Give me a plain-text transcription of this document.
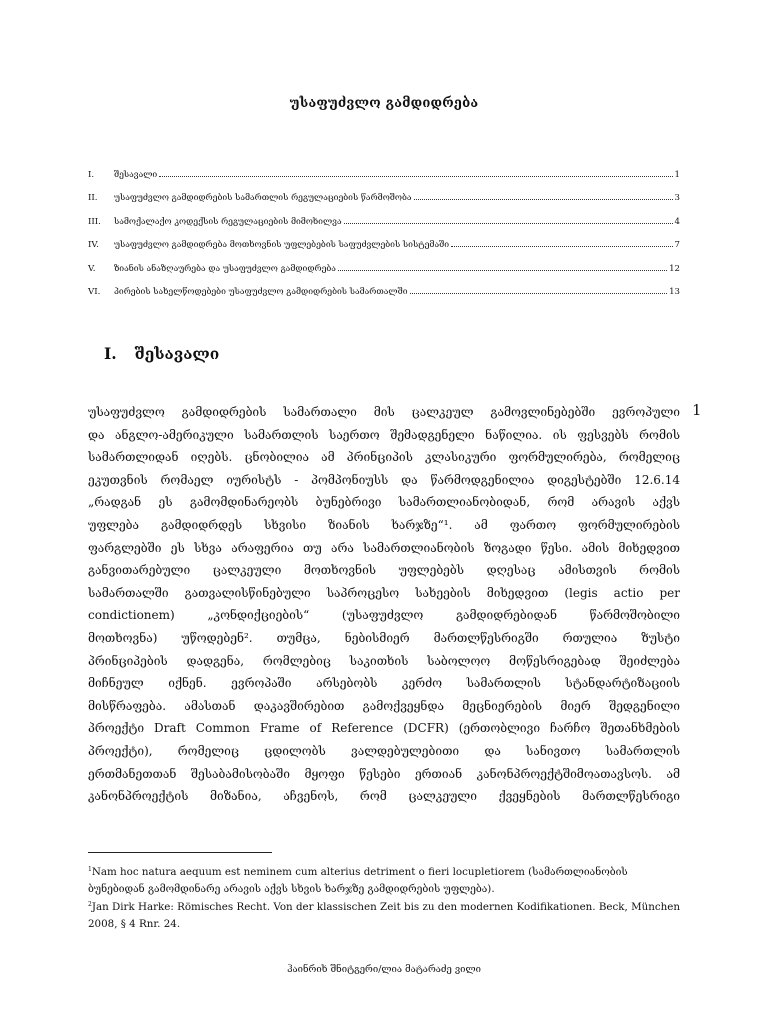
უსაფუძვლო გამდიდრება
I.	შესავალი	1
II.	უსაფუძვლო გამდიდრების სამართლის რეგულაციების წარმოშობა	3
III.	სამოქალაქო კოდექსის რეგულაციების მიმოხილვა	4
IV.	უსაფუძვლო გამდიდრება მოთხოვნის უფლებების საფუძვლების სისტემაში	7
V.	ზიანის ანაზღაურება და უსაფუძვლო გამდიდრება	12
VI.	პირების სახელწოდებები უსაფუძვლო გამდიდრების სამართალში	13
I. შესავალი
უსაფუძვლო გამდიდრების სამართალი მის ცალკეულ გამოვლინებებში ევროპული
და ანგლო-ამერიკული სამართლის საერთო შემადგენელი ნაწილია. ის ფესვებს რომის
სამართლიდან იღებს. ცნობილია ამ პრინციპის კლასიკური ფორმულირება, რომელიც
ეკუთვნის რომაელ იურისტს - პომპონიუსს და წარმოდგენილია დიგესტებში 12.6.14
„რადგან ეს გამომდინარეობს ბუნებრივი სამართლიანობიდან, რომ არავის აქვს
უფლება გამდიდრდეს სხვისი ზიანის ხარჯზე“¹. ამ ფართო ფორმულირების
ფარგლებში ეს სხვა არაფერია თუ არა სამართლიანობის ზოგადი წესი. ამის მიხედვით
განვითარებული ცალკეული მოთხოვნის უფლებებს დღესაც ამისთვის რომის
სამართალში გათვალისწინებული საპროცესო სახეების მიხედვით (legis actio per
condictionem) „კონდიქციების“ (უსაფუძვლო გამდიდრებიდან წარმოშობილი
მოთხოვნა) უწოდებენ². თუმცა, ნებისმიერ მართლწესრიგში რთულია ზუსტი
პრინციპების დადგენა, რომლებიც საკითხის საბოლოო მოწესრიგებად შეიძლება
მიჩნეულ იქნენ. ევროპაში არსებობს კერძო სამართლის სტანდარტიზაციის
მისწრაფება. ამასთან დაკავშირებით გამოქვეყნდა მეცნიერების მიერ შედგენილი
პროექტი Draft Common Frame of Reference (DCFR) (ერთობლივი ჩარჩო შეთანხმების
პროექტი), რომელიც ცდილობს ვალდებულებითი და სანივთო სამართლის
ერთმანეთთან შესაბამისობაში მყოფი წესები ერთიან კანონპროექტშიმოათავსოს. ამ
კანონპროექტის მიზანია, აჩვენოს, რომ ცალკეული ქვეყნების მართლწესრიგი
1
$^1$Nam hoc natura aequum est neminem cum alterius detriment o fieri locupletiorem (სამართლიანობის ბუნებიდან გამომდინარე არავის აქვს სხვის ხარჯზე გამდიდრების უფლება).
$^2$Jan Dirk Harke: Römisches Recht. Von der klassischen Zeit bis zu den modernen Kodifikationen. Beck, München 2008, § 4 Rnr. 24.
ჰაინრიხ შნიტგერი/ლია მატარაძე ვილი
